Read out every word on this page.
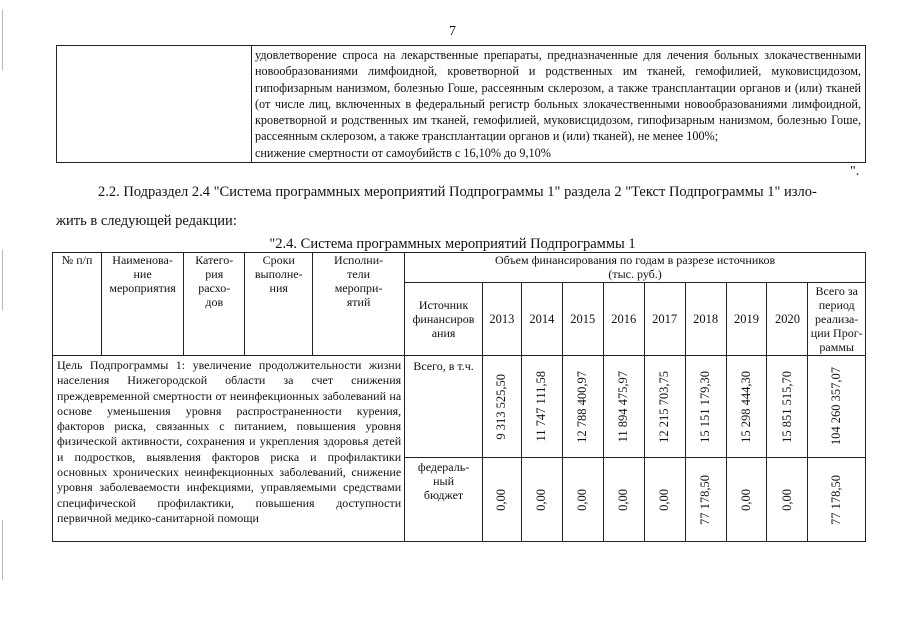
7

удовлетворение спроса на лекарственные препараты, предназначенные для лечения больных злокачественными новообразованиями лимфоидной, кроветворной и родственных им тканей, гемофилией, муковисцидозом, гипофизарным нанизмом, болезнью Гоше, рассеянным склерозом, а также трансплантации органов и (или) тканей (от числе лиц, включенных в федеральный регистр больных злокачественными новообразованиями лимфоидной, кроветворной и родственных им тканей, гемофилией, муковисцидозом, гипофизарным нанизмом, болезнью Гоше, рассеянным склерозом, а также трансплантации органов и (или) тканей), не менее 100%;

снижение смертности от самоубийств с 16,10% до 9,10%

".
2.2. Подраздел 2.4 "Система программных мероприятий Подпрограммы 1" раздела 2 "Текст Подпрограммы 1" изло-
жить в следующей редакции:
"2.4. Система программных мероприятий Подпрограммы 1
№ п/п	Наименова-
ние
мероприятия	Катего-
рия
расхо-
дов	Сроки
выполне-
ния	Исполни-
тели
меропри-
ятий	Объем финансирования по годам в разрезе источников
(тыс. руб.)									
					Источник
финансиров
ания	2013	2014	2015	2016	2017	2018	2019	2020	Всего за
период
реализа-
ции Прог-
раммы
Цель Подпрограммы 1: увеличение продолжительности жизни населения Нижегородской области за счет снижения преждевременной смертности от неинфекционных заболеваний на основе уменьшения уровня распространенности курения, факторов риска, связанных с питанием, повышения уровня физической активности, сохранения и укрепления здоровья детей и подростков, выявления факторов риска и профилактики основных хронических неинфекционных заболеваний, снижение уровня заболеваемости инфекциями, управляемыми средствами специфической профилактики, повышения доступности первичной медико-санитарной помощи					Всего, в т.ч.	9 313 525,50	11 747 111,58	12 788 400,97	11 894 475,97	12 215 703,75	15 151 179,30	15 298 444,30	15 851 515,70	104 260 357,07

					федераль-
ный
бюджет	0,00	0,00	0,00	0,00	0,00	77 178,50	0,00	0,00	77 178,50
